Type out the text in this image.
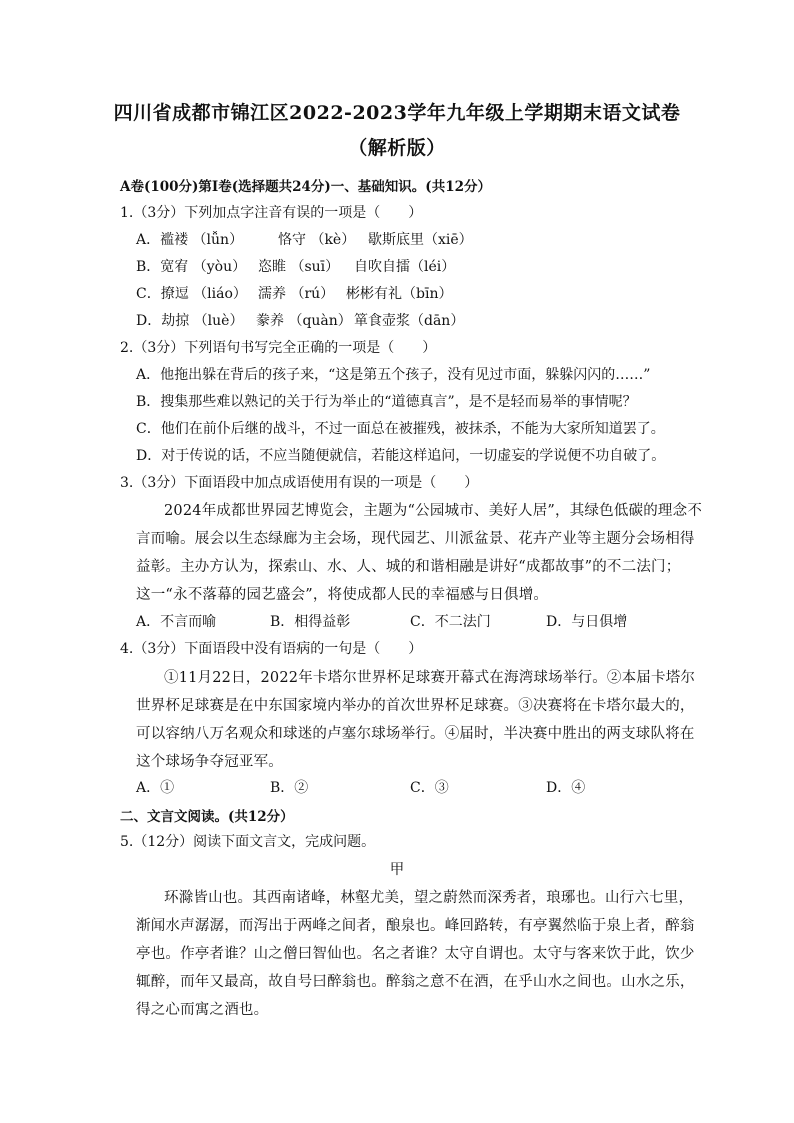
四川省成都市锦江区2022-2023学年九年级上学期期末语文试卷
（解析版）
A卷(100分)第I卷(选择题共24分)一、基础知识。(共12分）
1.（3分）下列加点字注音有误的一项是（　　）
A．褴褛 （lǚn） 恪守 （kè） 歇斯底里（xiē）
B．宽宥 （yòu） 恣睢 （suī） 自吹自擂（léi）
C．撩逗 （liáo） 濡养 （rú） 彬彬有礼（bīn）
D．劫掠 （luè） 豢养 （quàn） 箪食壶浆（dān）
2.（3分）下列语句书写完全正确的一项是（　　）
A．他拖出躲在背后的孩子来，“这是第五个孩子，没有见过市面，躲躲闪闪的……”
B．搜集那些难以熟记的关于行为举止的“道德真言”，是不是轻而易举的事情呢？
C．他们在前仆后继的战斗，不过一面总在被摧残，被抹杀，不能为大家所知道罢了。
D．对于传说的话，不应当随便就信，若能这样追问，一切虚妄的学说便不功自破了。
3.（3分）下面语段中加点成语使用有误的一项是（　　）
2024年成都世界园艺博览会，主题为“公园城市、美好人居”，其绿色低碳的理念不
言而喻。展会以生态绿廊为主会场，现代园艺、川派盆景、花卉产业等主题分会场相得
益彰。主办方认为，探索山、水、人、城的和谐相融是讲好“成都故事”的不二法门；
这一“永不落幕的园艺盛会”，将使成都人民的幸福感与日俱增。
A．不言而喻	B．相得益彰	C．不二法门	D．与日俱增
4.（3分）下面语段中没有语病的一句是（　　）
①11月22日，2022年卡塔尔世界杯足球赛开幕式在海湾球场举行。②本届卡塔尔
世界杯足球赛是在中东国家境内举办的首次世界杯足球赛。③决赛将在卡塔尔最大的，
可以容纳八万名观众和球迷的卢塞尔球场举行。④届时，半决赛中胜出的两支球队将在
这个球场争夺冠亚军。
A．①	B．②	C．③	D．④
二、文言文阅读。(共12分）
5.（12分）阅读下面文言文，完成问题。
甲
环滁皆山也。其西南诸峰，林壑尤美，望之蔚然而深秀者，琅琊也。山行六七里，
渐闻水声潺潺，而泻出于两峰之间者，酿泉也。峰回路转，有亭翼然临于泉上者，醉翁
亭也。作亭者谁？山之僧曰智仙也。名之者谁？太守自谓也。太守与客来饮于此，饮少
辄醉，而年又最高，故自号曰醉翁也。醉翁之意不在酒，在乎山水之间也。山水之乐，
得之心而寓之酒也。
